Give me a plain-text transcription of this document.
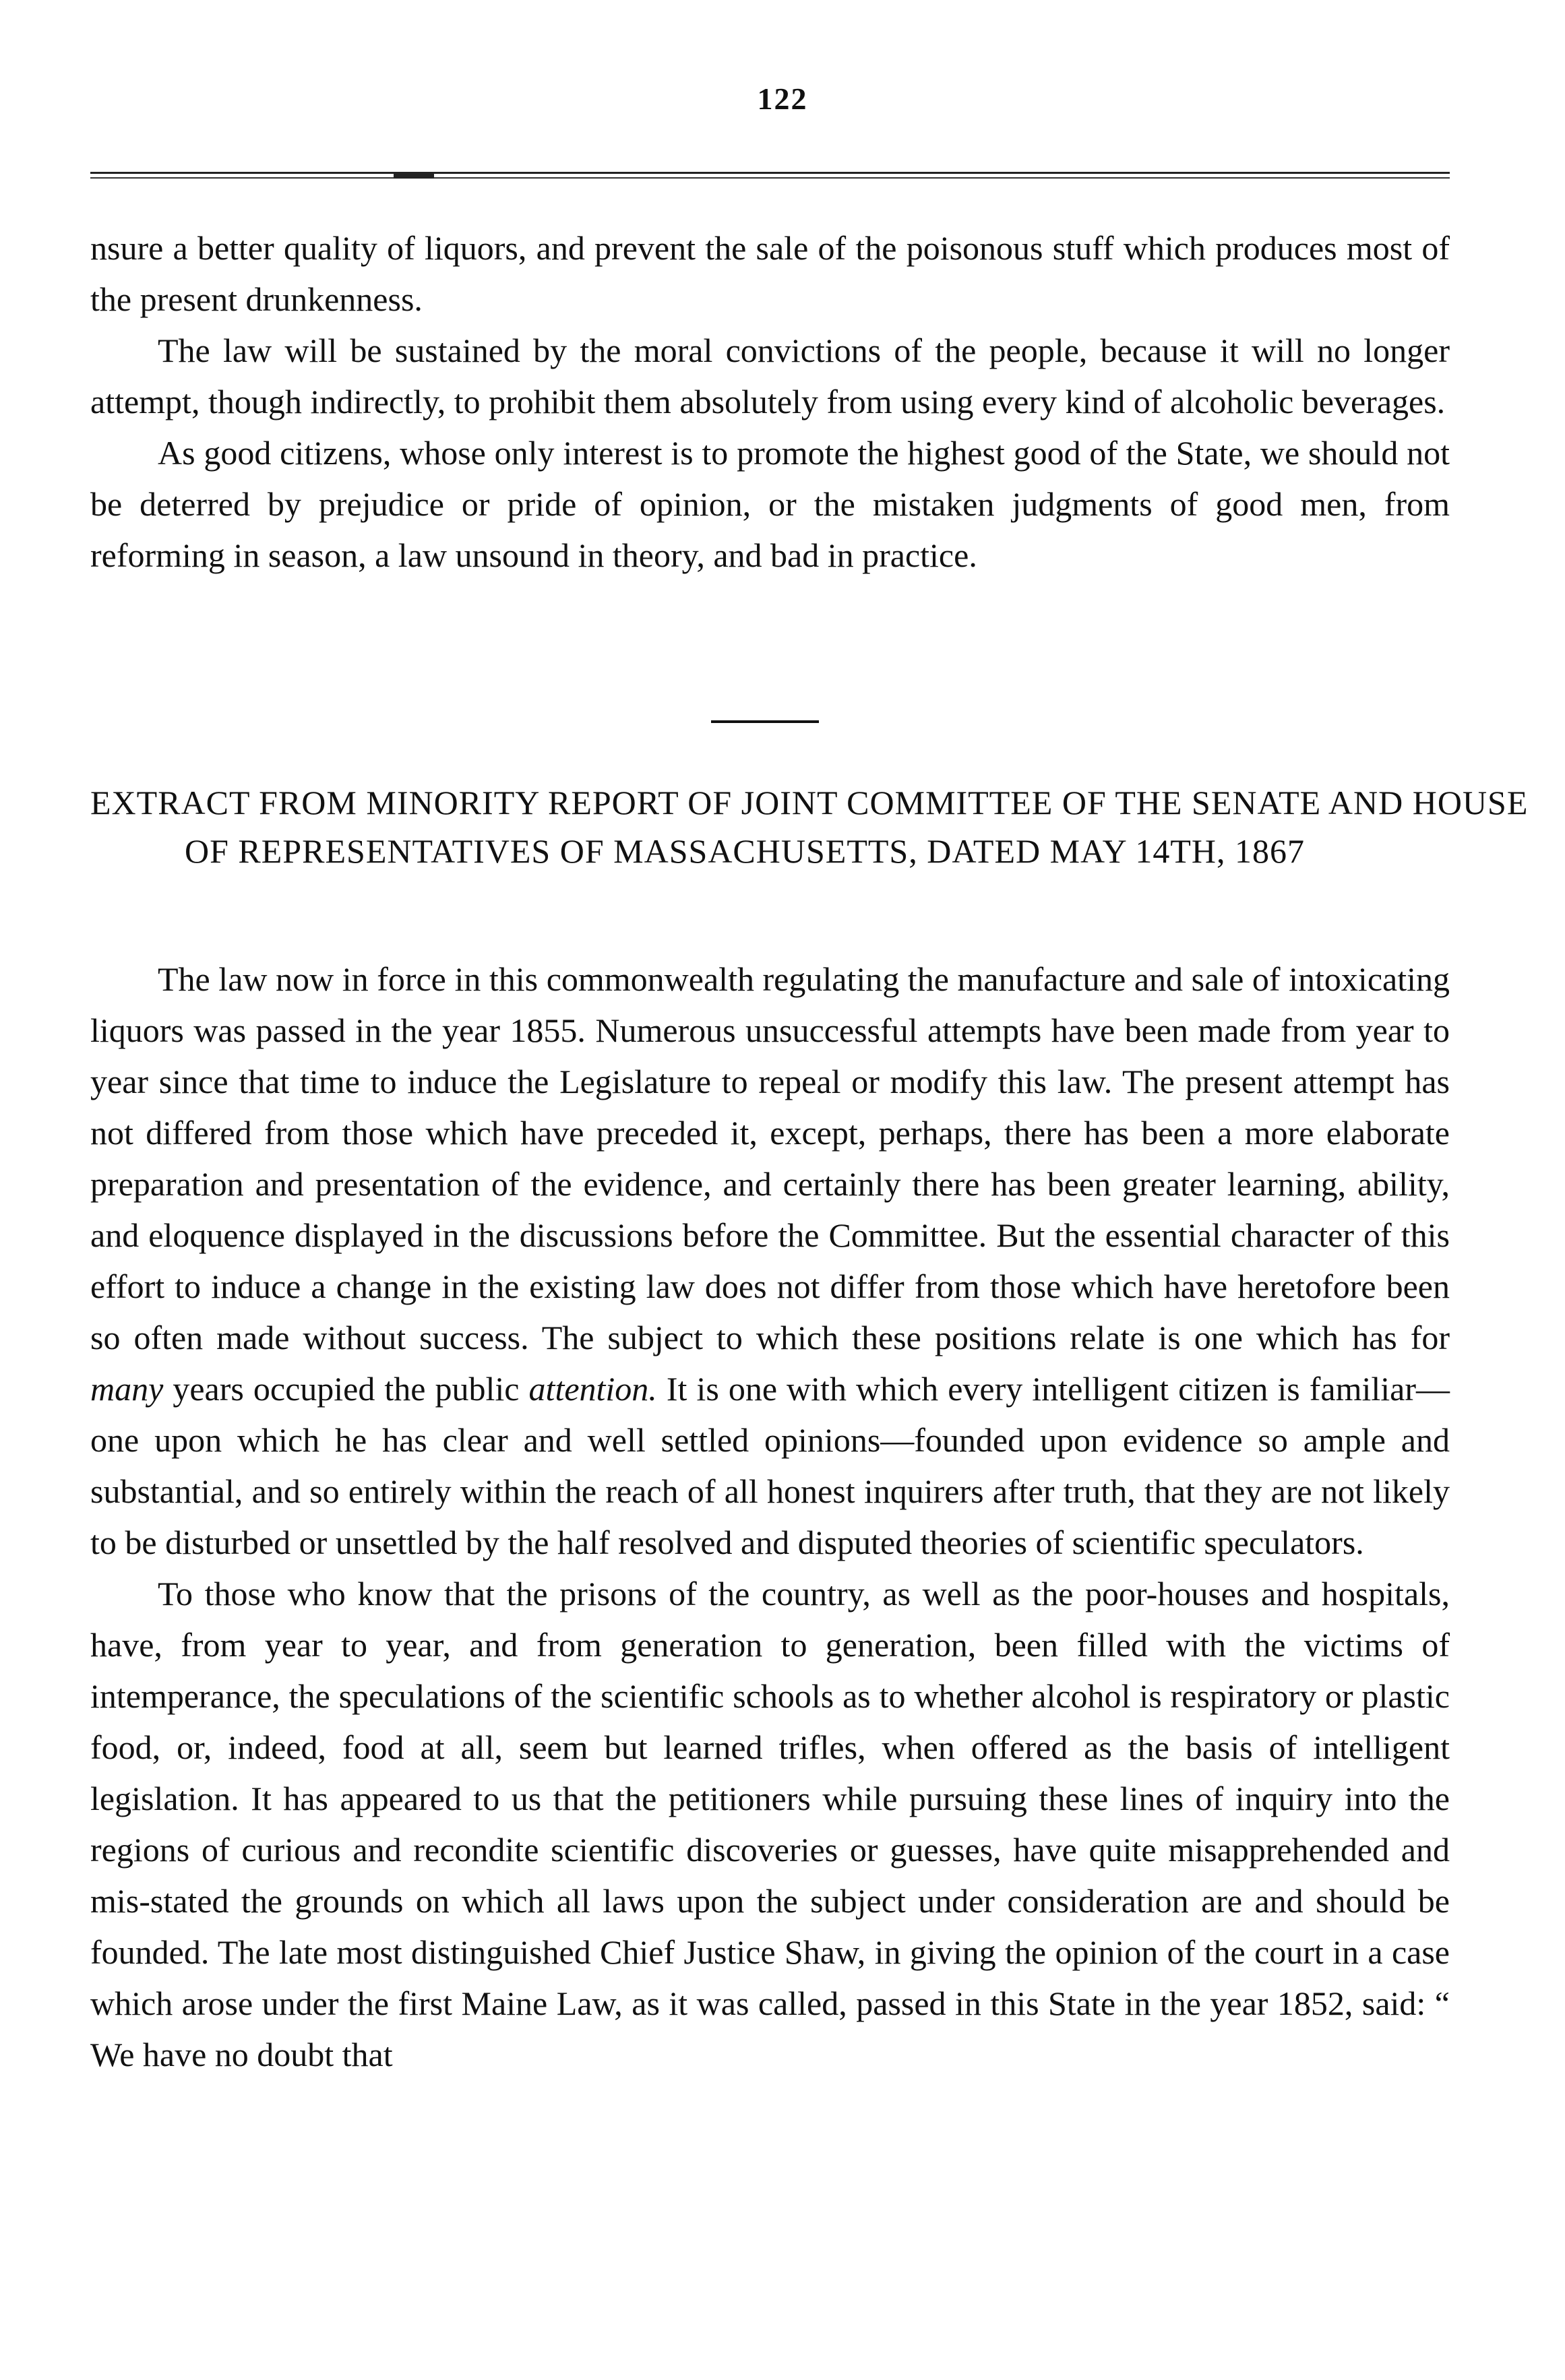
122

nsure a better quality of liquors, and prevent the sale of the poisonous stuff which produces most of the present drunkenness.

The law will be sustained by the moral convictions of the people, because it will no longer attempt, though indirectly, to prohibit them absolutely from using every kind of alcoholic beverages.

As good citizens, whose only interest is to promote the highest good of the State, we should not be deterred by prejudice or pride of opinion, or the mistaken judgments of good men, from reforming in season, a law unsound in theory, and bad in practice.

EXTRACT FROM MINORITY REPORT OF JOINT COMMITTEE OF THE SENATE AND HOUSE OF REPRESENTATIVES OF MASSACHUSETTS, DATED MAY 14TH, 1867

The law now in force in this commonwealth regulating the manufacture and sale of intoxicating liquors was passed in the year 1855. Numerous unsuccessful attempts have been made from year to year since that time to induce the Legislature to repeal or modify this law. The present attempt has not differed from those which have preceded it, except, perhaps, there has been a more elaborate preparation and presentation of the evidence, and certainly there has been greater learning, ability, and eloquence displayed in the discussions before the Committee. But the essential character of this effort to induce a change in the existing law does not differ from those which have heretofore been so often made without success. The subject to which these positions relate is one which has for many years occupied the public attention. It is one with which every intelligent citizen is familiar—one upon which he has clear and well settled opinions—founded upon evidence so ample and substantial, and so entirely within the reach of all honest inquirers after truth, that they are not likely to be disturbed or unsettled by the half resolved and disputed theories of scientific speculators.

To those who know that the prisons of the country, as well as the poor-houses and hospitals, have, from year to year, and from generation to generation, been filled with the victims of intemperance, the speculations of the scientific schools as to whether alcohol is respiratory or plastic food, or, indeed, food at all, seem but learned trifles, when offered as the basis of intelligent legislation. It has appeared to us that the petitioners while pursuing these lines of inquiry into the regions of curious and recondite scientific discoveries or guesses, have quite misapprehended and mis-stated the grounds on which all laws upon the subject under consideration are and should be founded. The late most distinguished Chief Justice Shaw, in giving the opinion of the court in a case which arose under the first Maine Law, as it was called, passed in this State in the year 1852, said: “ We have no doubt that
